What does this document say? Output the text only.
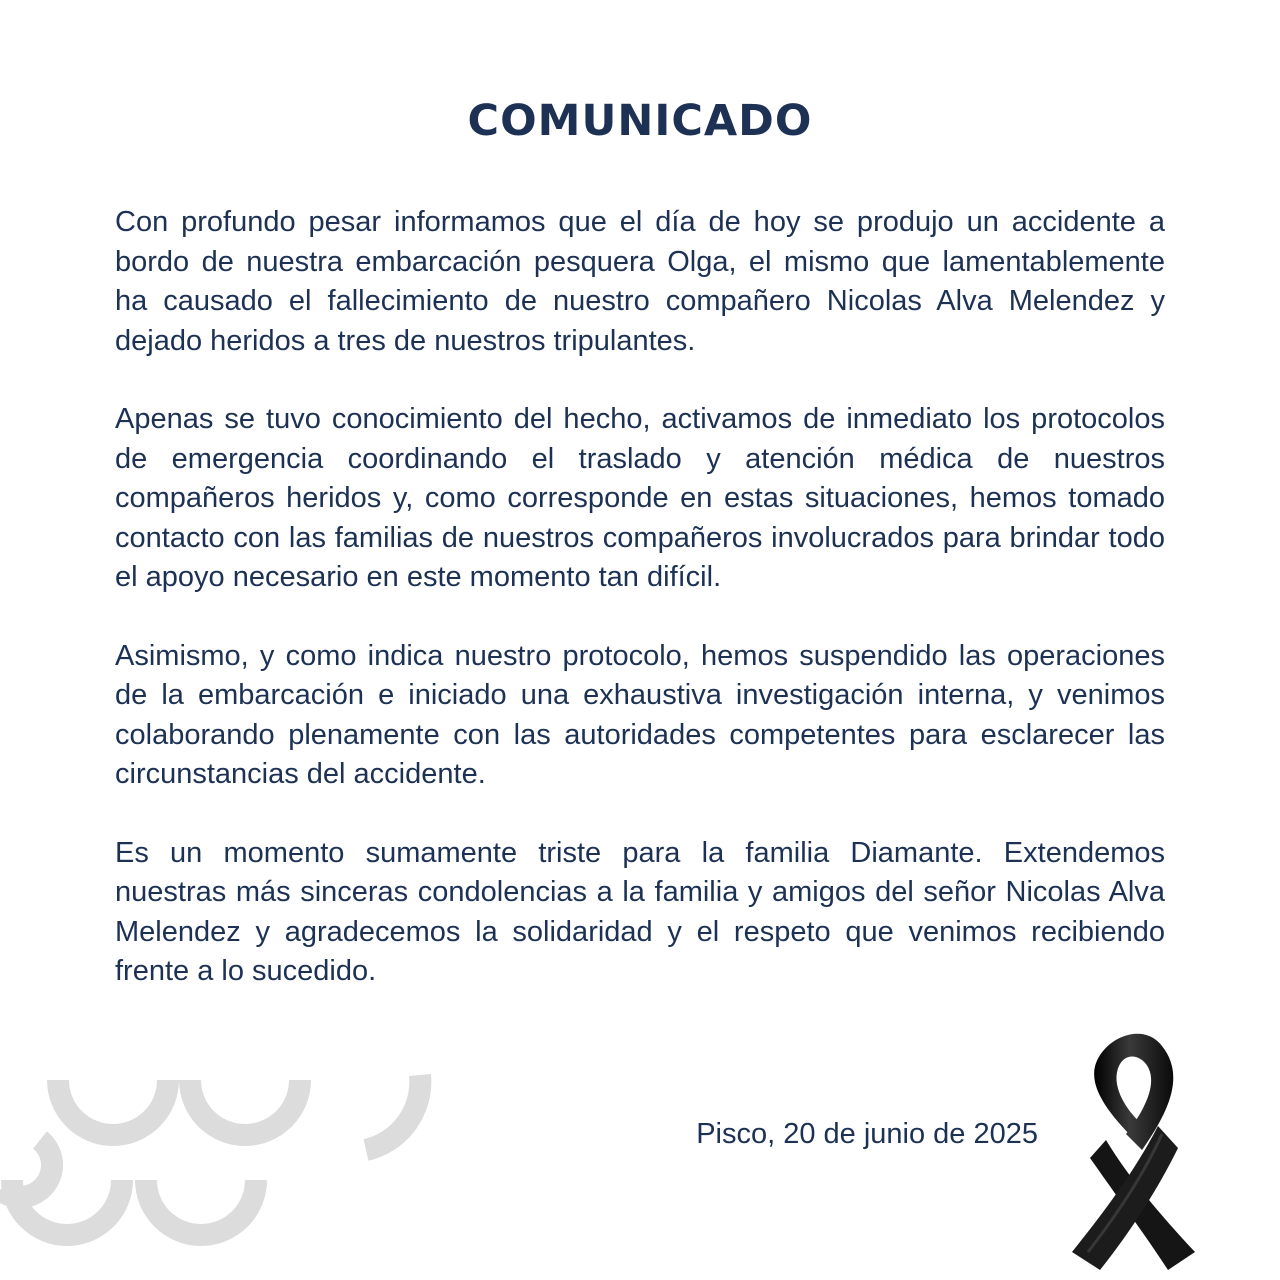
COMUNICADO

Con profundo pesar informamos que el día de hoy se produjo un accidente a bordo de nuestra embarcación pesquera Olga, el mismo que lamentablemente ha causado el fallecimiento de nuestro compañero Nicolas Alva Melendez y dejado heridos a tres de nuestros tripulantes.

Apenas se tuvo conocimiento del hecho, activamos de inmediato los protocolos de emergencia coordinando el traslado y atención médica de nuestros compañeros heridos y, como corresponde en estas situaciones, hemos tomado contacto con las familias de nuestros compañeros involucrados para brindar todo el apoyo necesario en este momento tan difícil.

Asimismo, y como indica nuestro protocolo, hemos suspendido las operaciones de la embarcación e iniciado una exhaustiva investigación interna, y venimos colaborando plenamente con las autoridades competentes para esclarecer las circunstancias del accidente.

Es un momento sumamente triste para la familia Diamante. Extendemos nuestras más sinceras condolencias a la familia y amigos del señor Nicolas Alva Melendez y agradecemos la solidaridad y el respeto que venimos recibiendo frente a lo sucedido.

Pisco, 20 de junio de 2025
